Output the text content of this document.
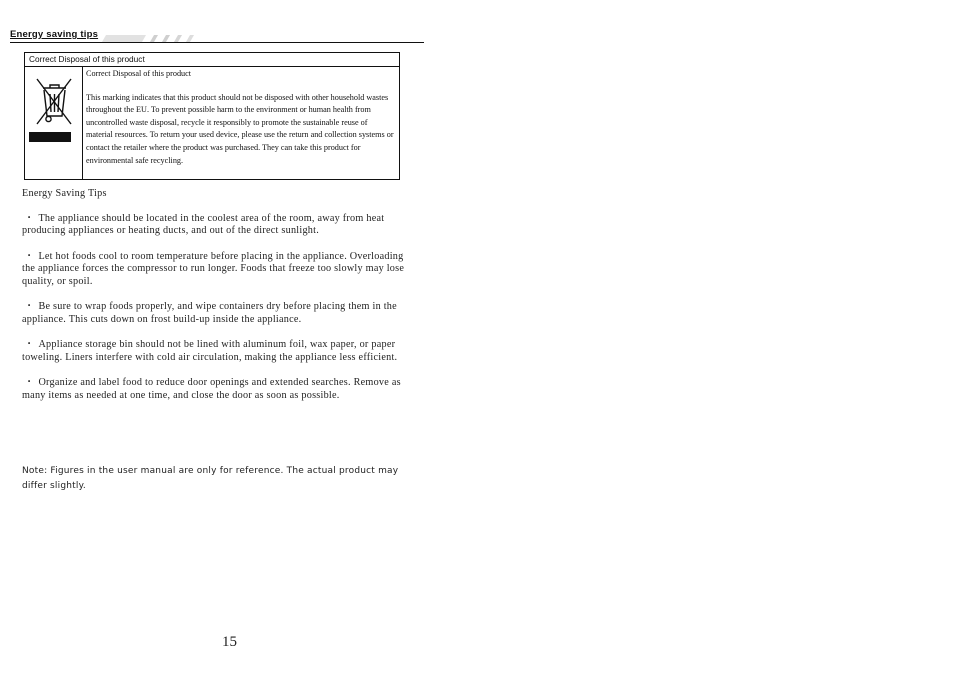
Energy saving tips
Correct Disposal of this product
Correct Disposal of this product
This marking indicates that this product should not be disposed with other household wastes throughout the EU. To prevent possible harm to the environment or human health from uncontrolled waste disposal, recycle it responsibly to promote the sustainable reuse of material resources. To return your used device, please use the return and collection systems or contact the retailer where the product was purchased. They can take this product for environmental safe recycling.
Energy Saving Tips
・ The appliance should be located in the coolest area of the room, away from heat producing appliances or heating ducts, and out of the direct sunlight.
・ Let hot foods cool to room temperature before placing in the appliance. Overloading the appliance forces the compressor to run longer. Foods that freeze too slowly may lose quality, or spoil.
・ Be sure to wrap foods properly, and wipe containers dry before placing them in the appliance. This cuts down on frost build-up inside the appliance.
・ Appliance storage bin should not be lined with aluminum foil, wax paper, or paper toweling. Liners interfere with cold air circulation, making the appliance less efficient.
・ Organize and label food to reduce door openings and extended searches. Remove as many items as needed at one time, and close the door as soon as possible.
Note: Figures in the user manual are only for reference. The actual product may differ slightly.
15
